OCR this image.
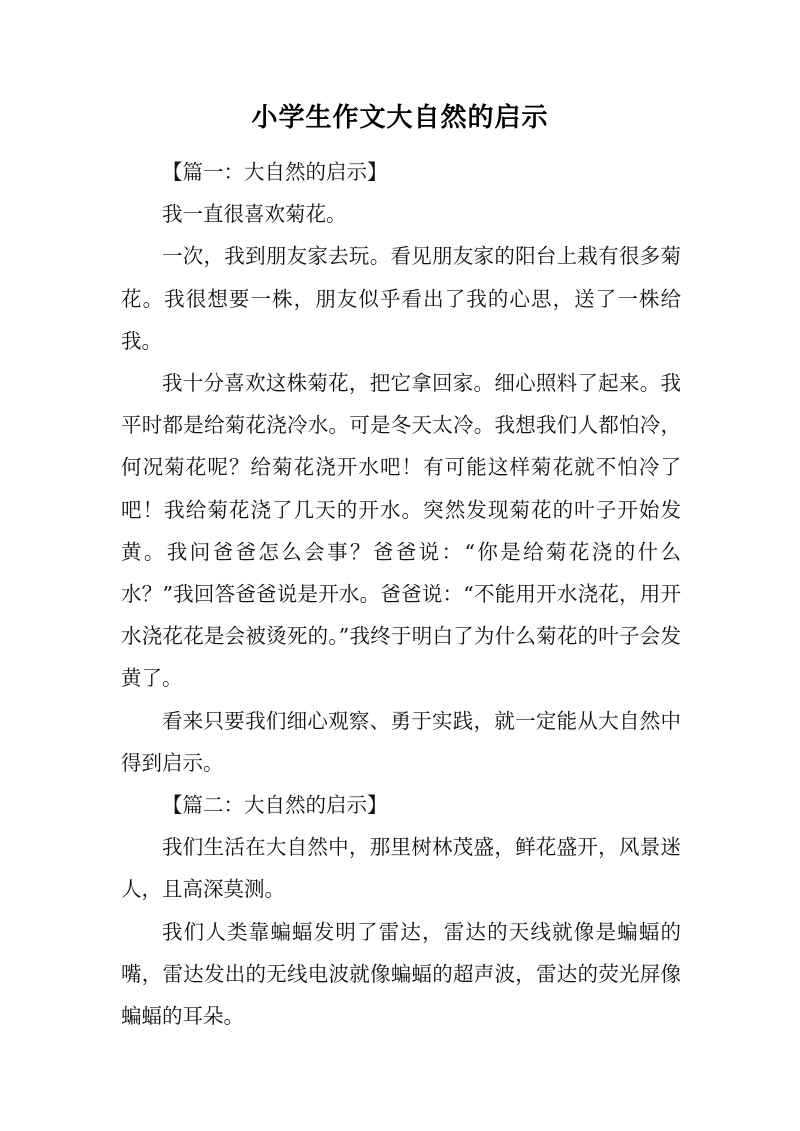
小学生作文大自然的启示

【篇一：大自然的启示】

我一直很喜欢菊花。

一次，我到朋友家去玩。看见朋友家的阳台上栽有很多菊花。我很想要一株，朋友似乎看出了我的心思，送了一株给我。

我十分喜欢这株菊花，把它拿回家。细心照料了起来。我平时都是给菊花浇冷水。可是冬天太冷。我想我们人都怕冷，何况菊花呢？给菊花浇开水吧！有可能这样菊花就不怕冷了吧！我给菊花浇了几天的开水。突然发现菊花的叶子开始发黄。我问爸爸怎么会事？爸爸说：“你是给菊花浇的什么水？”我回答爸爸说是开水。爸爸说：“不能用开水浇花，用开水浇花花是会被烫死的。”我终于明白了为什么菊花的叶子会发黄了。

看来只要我们细心观察、勇于实践，就一定能从大自然中得到启示。

【篇二：大自然的启示】

我们生活在大自然中，那里树林茂盛，鲜花盛开，风景迷人，且高深莫测。

我们人类靠蝙蝠发明了雷达，雷达的天线就像是蝙蝠的嘴，雷达发出的无线电波就像蝙蝠的超声波，雷达的荧光屏像蝙蝠的耳朵。
